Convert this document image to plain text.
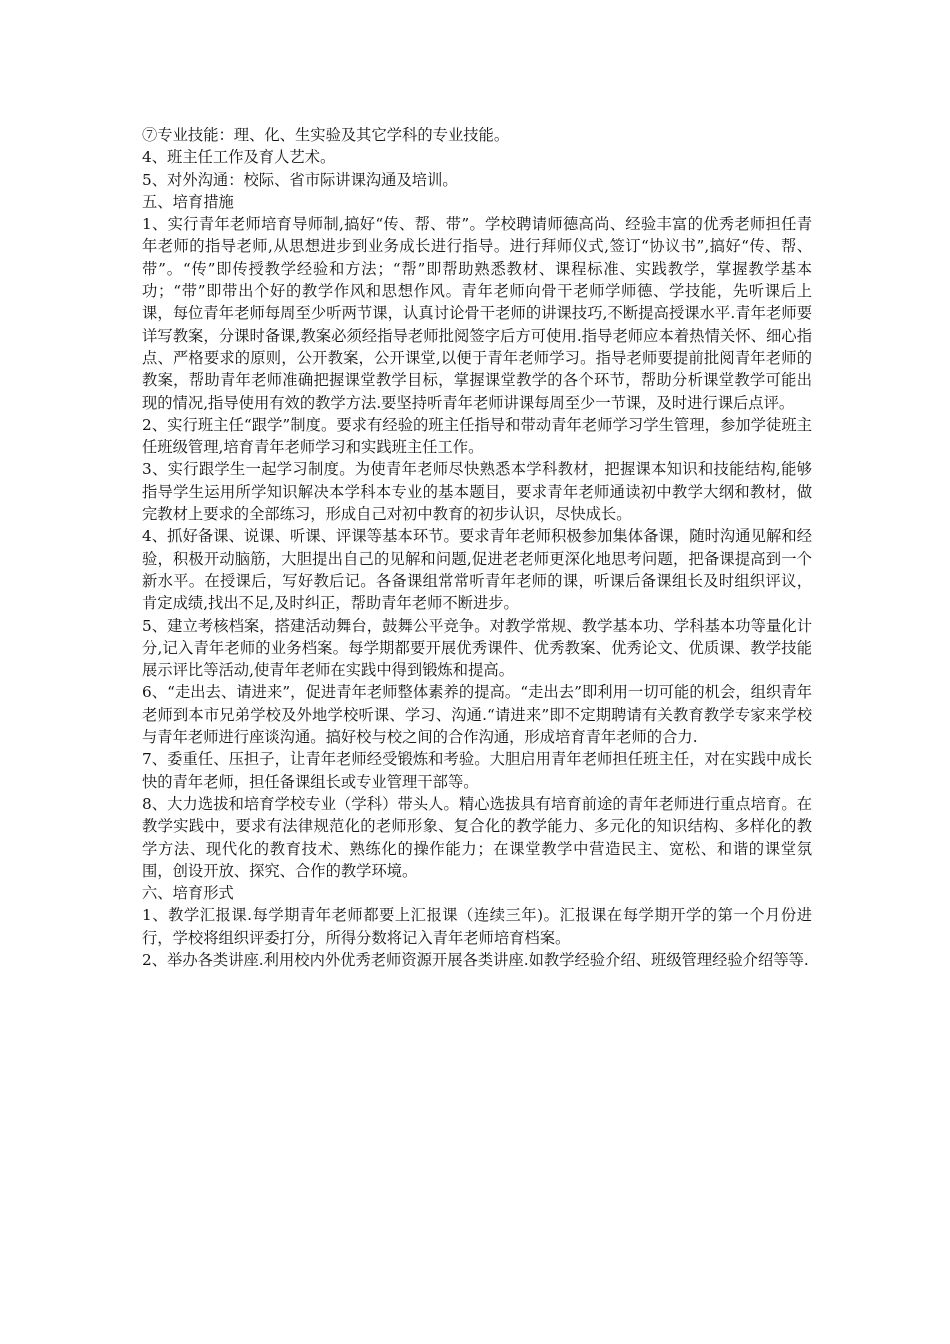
⑦专业技能：理、化、生实验及其它学科的专业技能。

4、班主任工作及育人艺术。

5、对外沟通：校际、省市际讲课沟通及培训。

五、培育措施

1、实行青年老师培育导师制,搞好“传、帮、带”。学校聘请师德高尚、经验丰富的优秀老师担任青年老师的指导老师,从思想进步到业务成长进行指导。进行拜师仪式,签订“协议书”,搞好“传、帮、带”。“传”即传授教学经验和方法；“帮”即帮助熟悉教材、课程标准、实践教学，掌握教学基本功；“带”即带出个好的教学作风和思想作风。青年老师向骨干老师学师德、学技能，先听课后上课，每位青年老师每周至少听两节课，认真讨论骨干老师的讲课技巧,不断提高授课水平.青年老师要详写教案，分课时备课,教案必须经指导老师批阅签字后方可使用.指导老师应本着热情关怀、细心指点、严格要求的原则，公开教案，公开课堂,以便于青年老师学习。指导老师要提前批阅青年老师的教案，帮助青年老师准确把握课堂教学目标，掌握课堂教学的各个环节，帮助分析课堂教学可能出现的情况,指导使用有效的教学方法.要坚持听青年老师讲课每周至少一节课，及时进行课后点评。

2、实行班主任“跟学”制度。要求有经验的班主任指导和带动青年老师学习学生管理，参加学徒班主任班级管理,培育青年老师学习和实践班主任工作。

3、实行跟学生一起学习制度。为使青年老师尽快熟悉本学科教材，把握课本知识和技能结构,能够指导学生运用所学知识解决本学科本专业的基本题目，要求青年老师通读初中教学大纲和教材，做完教材上要求的全部练习，形成自己对初中教育的初步认识，尽快成长。

4、抓好备课、说课、听课、评课等基本环节。要求青年老师积极参加集体备课，随时沟通见解和经验，积极开动脑筋，大胆提出自己的见解和问题,促进老老师更深化地思考问题，把备课提高到一个新水平。在授课后，写好教后记。各备课组常常听青年老师的课，听课后备课组长及时组织评议，肯定成绩,找出不足,及时纠正，帮助青年老师不断进步。

5、建立考核档案，搭建活动舞台，鼓舞公平竞争。对教学常规、教学基本功、学科基本功等量化计分,记入青年老师的业务档案。每学期都要开展优秀课件、优秀教案、优秀论文、优质课、教学技能展示评比等活动,使青年老师在实践中得到锻炼和提高。

6、“走出去、请进来”，促进青年老师整体素养的提高。“走出去”即利用一切可能的机会，组织青年老师到本市兄弟学校及外地学校听课、学习、沟通.“请进来”即不定期聘请有关教育教学专家来学校与青年老师进行座谈沟通。搞好校与校之间的合作沟通，形成培育青年老师的合力.

7、委重任、压担子，让青年老师经受锻炼和考验。大胆启用青年老师担任班主任，对在实践中成长快的青年老师，担任备课组长或专业管理干部等。

8、大力选拔和培育学校专业（学科）带头人。精心选拔具有培育前途的青年老师进行重点培育。在教学实践中，要求有法律规范化的老师形象、复合化的教学能力、多元化的知识结构、多样化的教学方法、现代化的教育技术、熟练化的操作能力；在课堂教学中营造民主、宽松、和谐的课堂氛围，创设开放、探究、合作的教学环境。

六、培育形式

1、教学汇报课.每学期青年老师都要上汇报课（连续三年)。汇报课在每学期开学的第一个月份进行，学校将组织评委打分，所得分数将记入青年老师培育档案。

2、举办各类讲座.利用校内外优秀老师资源开展各类讲座.如教学经验介绍、班级管理经验介绍等等.
